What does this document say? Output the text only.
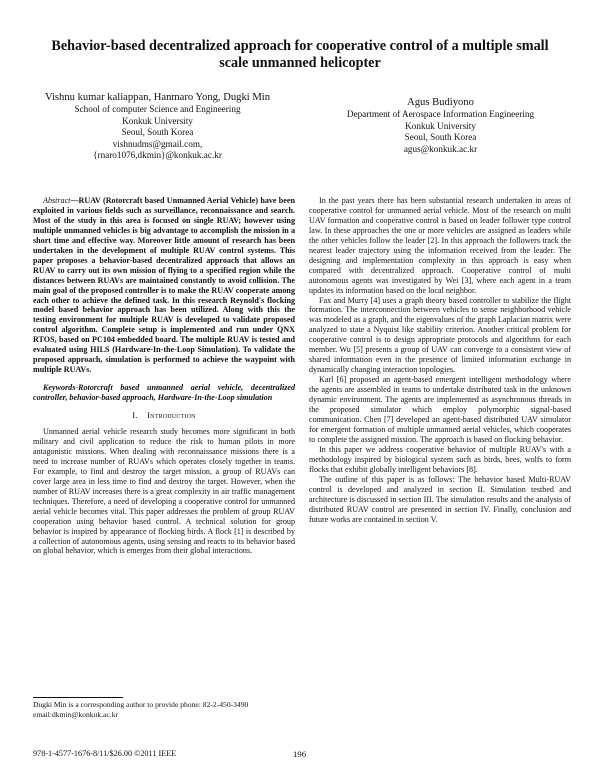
Behavior-based decentralized approach for cooperative control of a multiple small scale unmanned helicopter
Vishnu kumar kaliappan, Hanmaro Yong, Dugki Min
School of computer Science and Engineering
Konkuk University
Seoul, South Korea
vishnudms@gmail.com,
{rnaro1076,dkmin}@konkuk.ac.kr
Agus Budiyono
Department of Aerospace Information Engineering
Konkuk University
Seoul, South Korea
agus@konkuk.ac.kr

Abstract—RUAV (Rotorcraft based Unmanned Aerial Vehicle) have been exploited in various fields such as surveillance, reconnaissance and search. Most of the study in this area is focused on single RUAV; however using multiple unmanned vehicles is big advantage to accomplish the mission in a short time and effective way. Moreover little amount of research has been undertaken in the development of multiple RUAV control systems. This paper proposes a behavior-based decentralized approach that allows an RUAV to carry out its own mission of flying to a specified region while the distances between RUAVs are maintained constantly to avoid collision. The main goal of the proposed controller is to make the RUAV cooperate among each other to achieve the defined task. In this research Reynold's flocking model based behavior approach has been utilized. Along with this the testing environment for multiple RUAV is developed to validate proposed control algorithm. Complete setup is implemented and run under QNX RTOS, based on PC104 embedded board. The multiple RUAV is tested and evaluated using HILS (Hardware-In-the-Loop Simulation). To validate the proposed approach, simulation is performed to achieve the waypoint with multiple RUAVs.

Keywords-Rotorcraft based unmanned aerial vehicle, decentralized controller, behavior-based approach, Hardware-In-the-Loop simulation

I. Introduction

Unmanned aerial vehicle research study becomes more significant in both military and civil application to reduce the risk to human pilots in more antagonistic missions. When dealing with reconnaissance missions there is a need to increase number of RUAVs which operates closely together in teams. For example, to find and destroy the target mission, a group of RUAVs can cover large area in less time to find and destroy the target. However, when the number of RUAV increases there is a great complexity in air traffic management techniques. Therefore, a need of developing a cooperative control for unmanned aerial vehicle becomes vital. This paper addresses the problem of group RUAV cooperation using behavior based control. A technical solution for group behavior is inspired by appearance of flocking birds. A flock [1] is described by a collection of autonomous agents, using sensing and reacts to its behavior based on global behavior, which is emerges from their global interactions.

Dugki Min is a corresponding author to provide phone: 82-2-450-3490 email:dkmin@konkuk.ac.kr

In the past years there has been substantial research undertaken in areas of cooperative control for unmanned aerial vehicle. Most of the research on multi UAV formation and cooperative control is based on leader follower type control law. In these approaches the one or more vehicles are assigned as leaders while the other vehicles follow the leader [2]. In this approach the followers track the nearest leader trajectory using the information received from the leader. The designing and implementation complexity in this approach is easy when compared with decentralized approach. Cooperative control of multi autonomous agents was investigated by Wei [3], where each agent in a team updates its information based on the local neighbor.

Fax and Murry [4] uses a graph theory based controller to stabilize the flight formation. The interconnection between vehicles to sense neighborhood vehicle was modeled as a graph, and the eigenvalues of the graph Laplacian matrix were analyzed to state a Nyquist like stability criterion. Another critical problem for cooperative control is to design appropriate protocols and algorithms for each member. Wu [5] presents a group of UAV can converge to a consistent view of shared information even in the presence of limited information exchange in dynamically changing interaction topologies.

Karl [6] proposed an agent-based emergent intelligent methodology where the agents are assembled in teams to undertake distributed task in the unknown dynamic environment. The agents are implemented as asynchronous threads in the proposed simulator which employ polymorphic signal-based communication. Chen [7] developed an agent-based distributed UAV simulator for emergent formation of multiple unmanned aerial vehicles, which cooperates to complete the assigned mission. The approach is based on flocking behavior.

In this paper we address cooperative behavior of multiple RUAV's with a methodology inspired by biological system such as birds, bees, wolfs to form flocks that exhibit globally intelligent behaviors [8].

The outline of this paper is as follows: The behavior based Multi-RUAV control is developed and analyzed in section II. Simulation testbed and architecture is discussed in section III. The simulation results and the analysis of distributed RUAV control are presented in section IV. Finally, conclusion and future works are contained in section V.

978-1-4577-1676-8/11/$26.00 ©2011 IEEE	196
